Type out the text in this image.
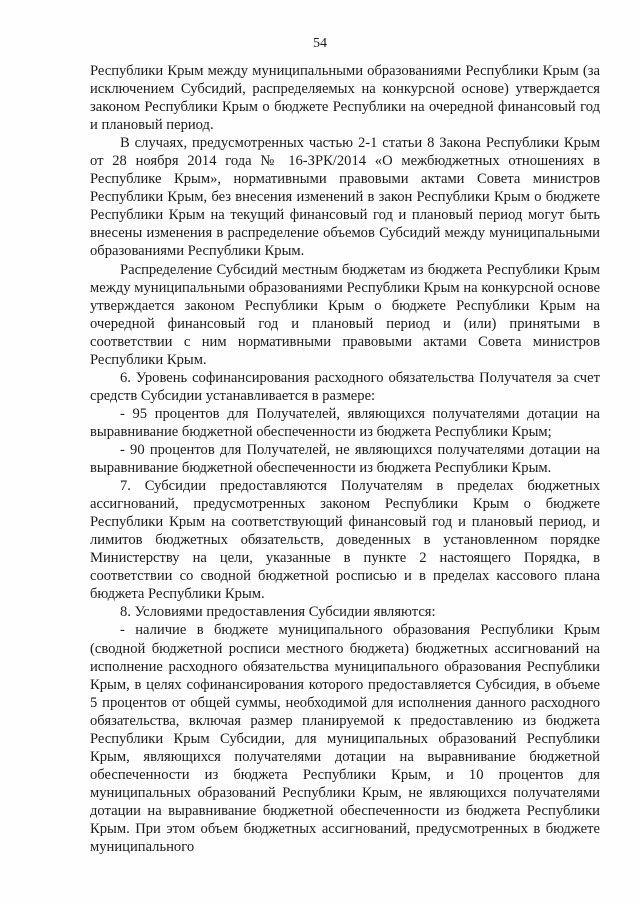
54

Республики Крым между муниципальными образованиями Республики Крым (за исключением Субсидий, распределяемых на конкурсной основе) утверждается законом Республики Крым о бюджете Республики на очередной финансовый год и плановый период.

В случаях, предусмотренных частью 2-1 статьи 8 Закона Республики Крым от 28 ноября 2014 года № 16-ЗРК/2014 «О межбюджетных отношениях в Республике Крым», нормативными правовыми актами Совета министров Республики Крым, без внесения изменений в закон Республики Крым о бюджете Республики Крым на текущий финансовый год и плановый период могут быть внесены изменения в распределение объемов Субсидий между муниципальными образованиями Республики Крым.

Распределение Субсидий местным бюджетам из бюджета Республики Крым между муниципальными образованиями Республики Крым на конкурсной основе утверждается законом Республики Крым о бюджете Республики Крым на очередной финансовый год и плановый период и (или) принятыми в соответствии с ним нормативными правовыми актами Совета министров Республики Крым.

6. Уровень софинансирования расходного обязательства Получателя за счет средств Субсидии устанавливается в размере:

- 95 процентов для Получателей, являющихся получателями дотации на выравнивание бюджетной обеспеченности из бюджета Республики Крым;

- 90 процентов для Получателей, не являющихся получателями дотации на выравнивание бюджетной обеспеченности из бюджета Республики Крым.

7. Субсидии предоставляются Получателям в пределах бюджетных ассигнований, предусмотренных законом Республики Крым о бюджете Республики Крым на соответствующий финансовый год и плановый период, и лимитов бюджетных обязательств, доведенных в установленном порядке Министерству на цели, указанные в пункте 2 настоящего Порядка, в соответствии со сводной бюджетной росписью и в пределах кассового плана бюджета Республики Крым.

8. Условиями предоставления Субсидии являются:

- наличие в бюджете муниципального образования Республики Крым (сводной бюджетной росписи местного бюджета) бюджетных ассигнований на исполнение расходного обязательства муниципального образования Республики Крым, в целях софинансирования которого предоставляется Субсидия, в объеме 5 процентов от общей суммы, необходимой для исполнения данного расходного обязательства, включая размер планируемой к предоставлению из бюджета Республики Крым Субсидии, для муниципальных образований Республики Крым, являющихся получателями дотации на выравнивание бюджетной обеспеченности из бюджета Республики Крым, и 10 процентов для муниципальных образований Республики Крым, не являющихся получателями дотации на выравнивание бюджетной обеспеченности из бюджета Республики Крым. При этом объем бюджетных ассигнований, предусмотренных в бюджете муниципального
